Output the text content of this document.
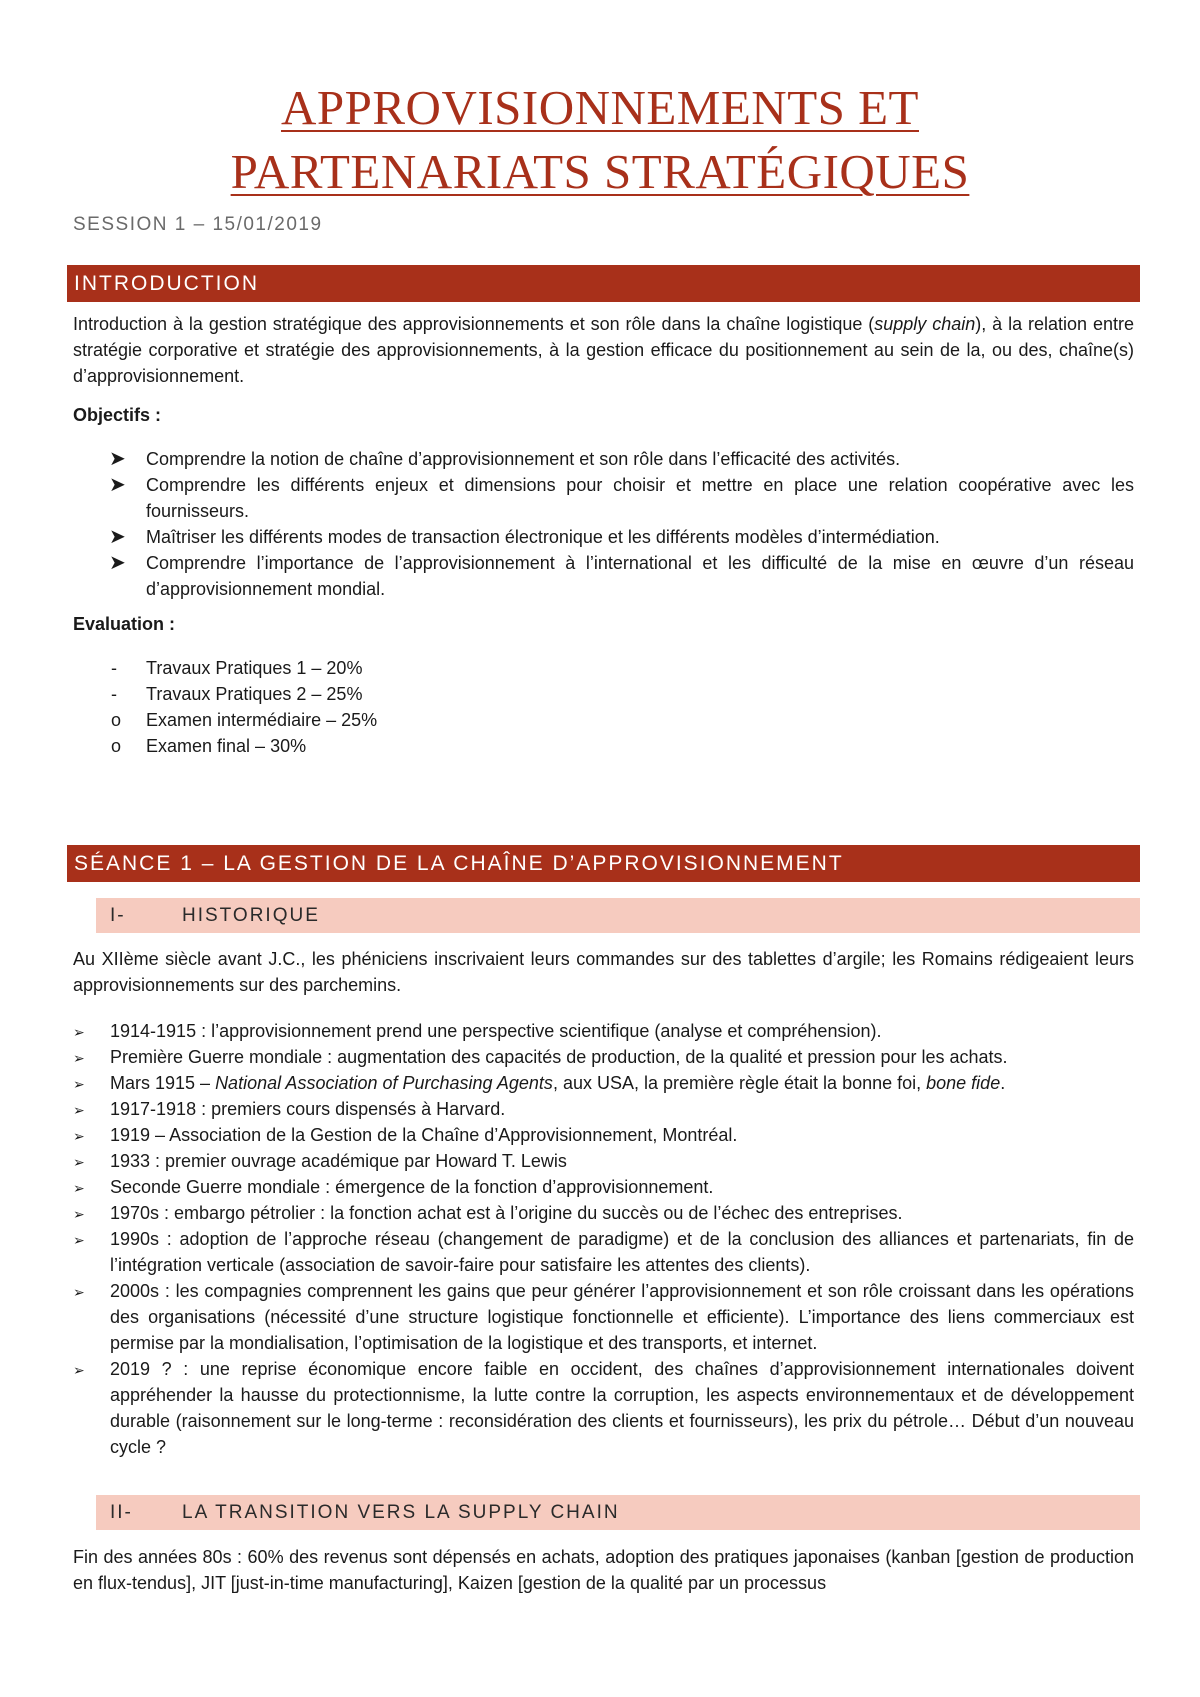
APPROVISIONNEMENTS ET
PARTENARIATS STRATÉGIQUES
SESSION 1 – 15/01/2019
INTRODUCTION

Introduction à la gestion stratégique des approvisionnements et son rôle dans la chaîne logistique (supply chain), à la relation entre stratégie corporative et stratégie des approvisionnements, à la gestion efficace du positionnement au sein de la, ou des, chaîne(s) d’approvisionnement.

Objectifs :
➤ Comprendre la notion de chaîne d’approvisionnement et son rôle dans l’efficacité des activités.
➤ Comprendre les différents enjeux et dimensions pour choisir et mettre en place une relation coopérative avec les fournisseurs.
➤ Maîtriser les différents modes de transaction électronique et les différents modèles d’intermédiation.
➤ Comprendre l’importance de l’approvisionnement à l’international et les difficulté de la mise en œuvre d’un réseau d’approvisionnement mondial.
Evaluation :
- Travaux Pratiques 1 – 20%
- Travaux Pratiques 2 – 25%
o Examen intermédiaire – 25%
o Examen final – 30%
SÉANCE 1 – LA GESTION DE LA CHAÎNE D’APPROVISIONNEMENT
I-	HISTORIQUE

Au XIIème siècle avant J.C., les phéniciens inscrivaient leurs commandes sur des tablettes d’argile; les Romains rédigeaient leurs approvisionnements sur des parchemins.

➢ 1914-1915 : l’approvisionnement prend une perspective scientifique (analyse et compréhension).
➢ Première Guerre mondiale : augmentation des capacités de production, de la qualité et pression pour les achats.
➢ Mars 1915 – National Association of Purchasing Agents, aux USA, la première règle était la bonne foi, bone fide.
➢ 1917-1918 : premiers cours dispensés à Harvard.
➢ 1919 – Association de la Gestion de la Chaîne d’Approvisionnement, Montréal.
➢ 1933 : premier ouvrage académique par Howard T. Lewis
➢ Seconde Guerre mondiale : émergence de la fonction d’approvisionnement.
➢ 1970s : embargo pétrolier : la fonction achat est à l’origine du succès ou de l’échec des entreprises.
➢ 1990s : adoption de l’approche réseau (changement de paradigme) et de la conclusion des alliances et partenariats, fin de l’intégration verticale (association de savoir-faire pour satisfaire les attentes des clients).
➢ 2000s : les compagnies comprennent les gains que peur générer l’approvisionnement et son rôle croissant dans les opérations des organisations (nécessité d’une structure logistique fonctionnelle et efficiente). L’importance des liens commerciaux est permise par la mondialisation, l’optimisation de la logistique et des transports, et internet.
➢ 2019 ? : une reprise économique encore faible en occident, des chaînes d’approvisionnement internationales doivent appréhender la hausse du protectionnisme, la lutte contre la corruption, les aspects environnementaux et de développement durable (raisonnement sur le long-terme : reconsidération des clients et fournisseurs), les prix du pétrole… Début d’un nouveau cycle ?
II-	LA TRANSITION VERS LA SUPPLY CHAIN

Fin des années 80s : 60% des revenus sont dépensés en achats, adoption des pratiques japonaises (kanban [gestion de production en flux-tendus], JIT [just-in-time manufacturing], Kaizen [gestion de la qualité par un processus
